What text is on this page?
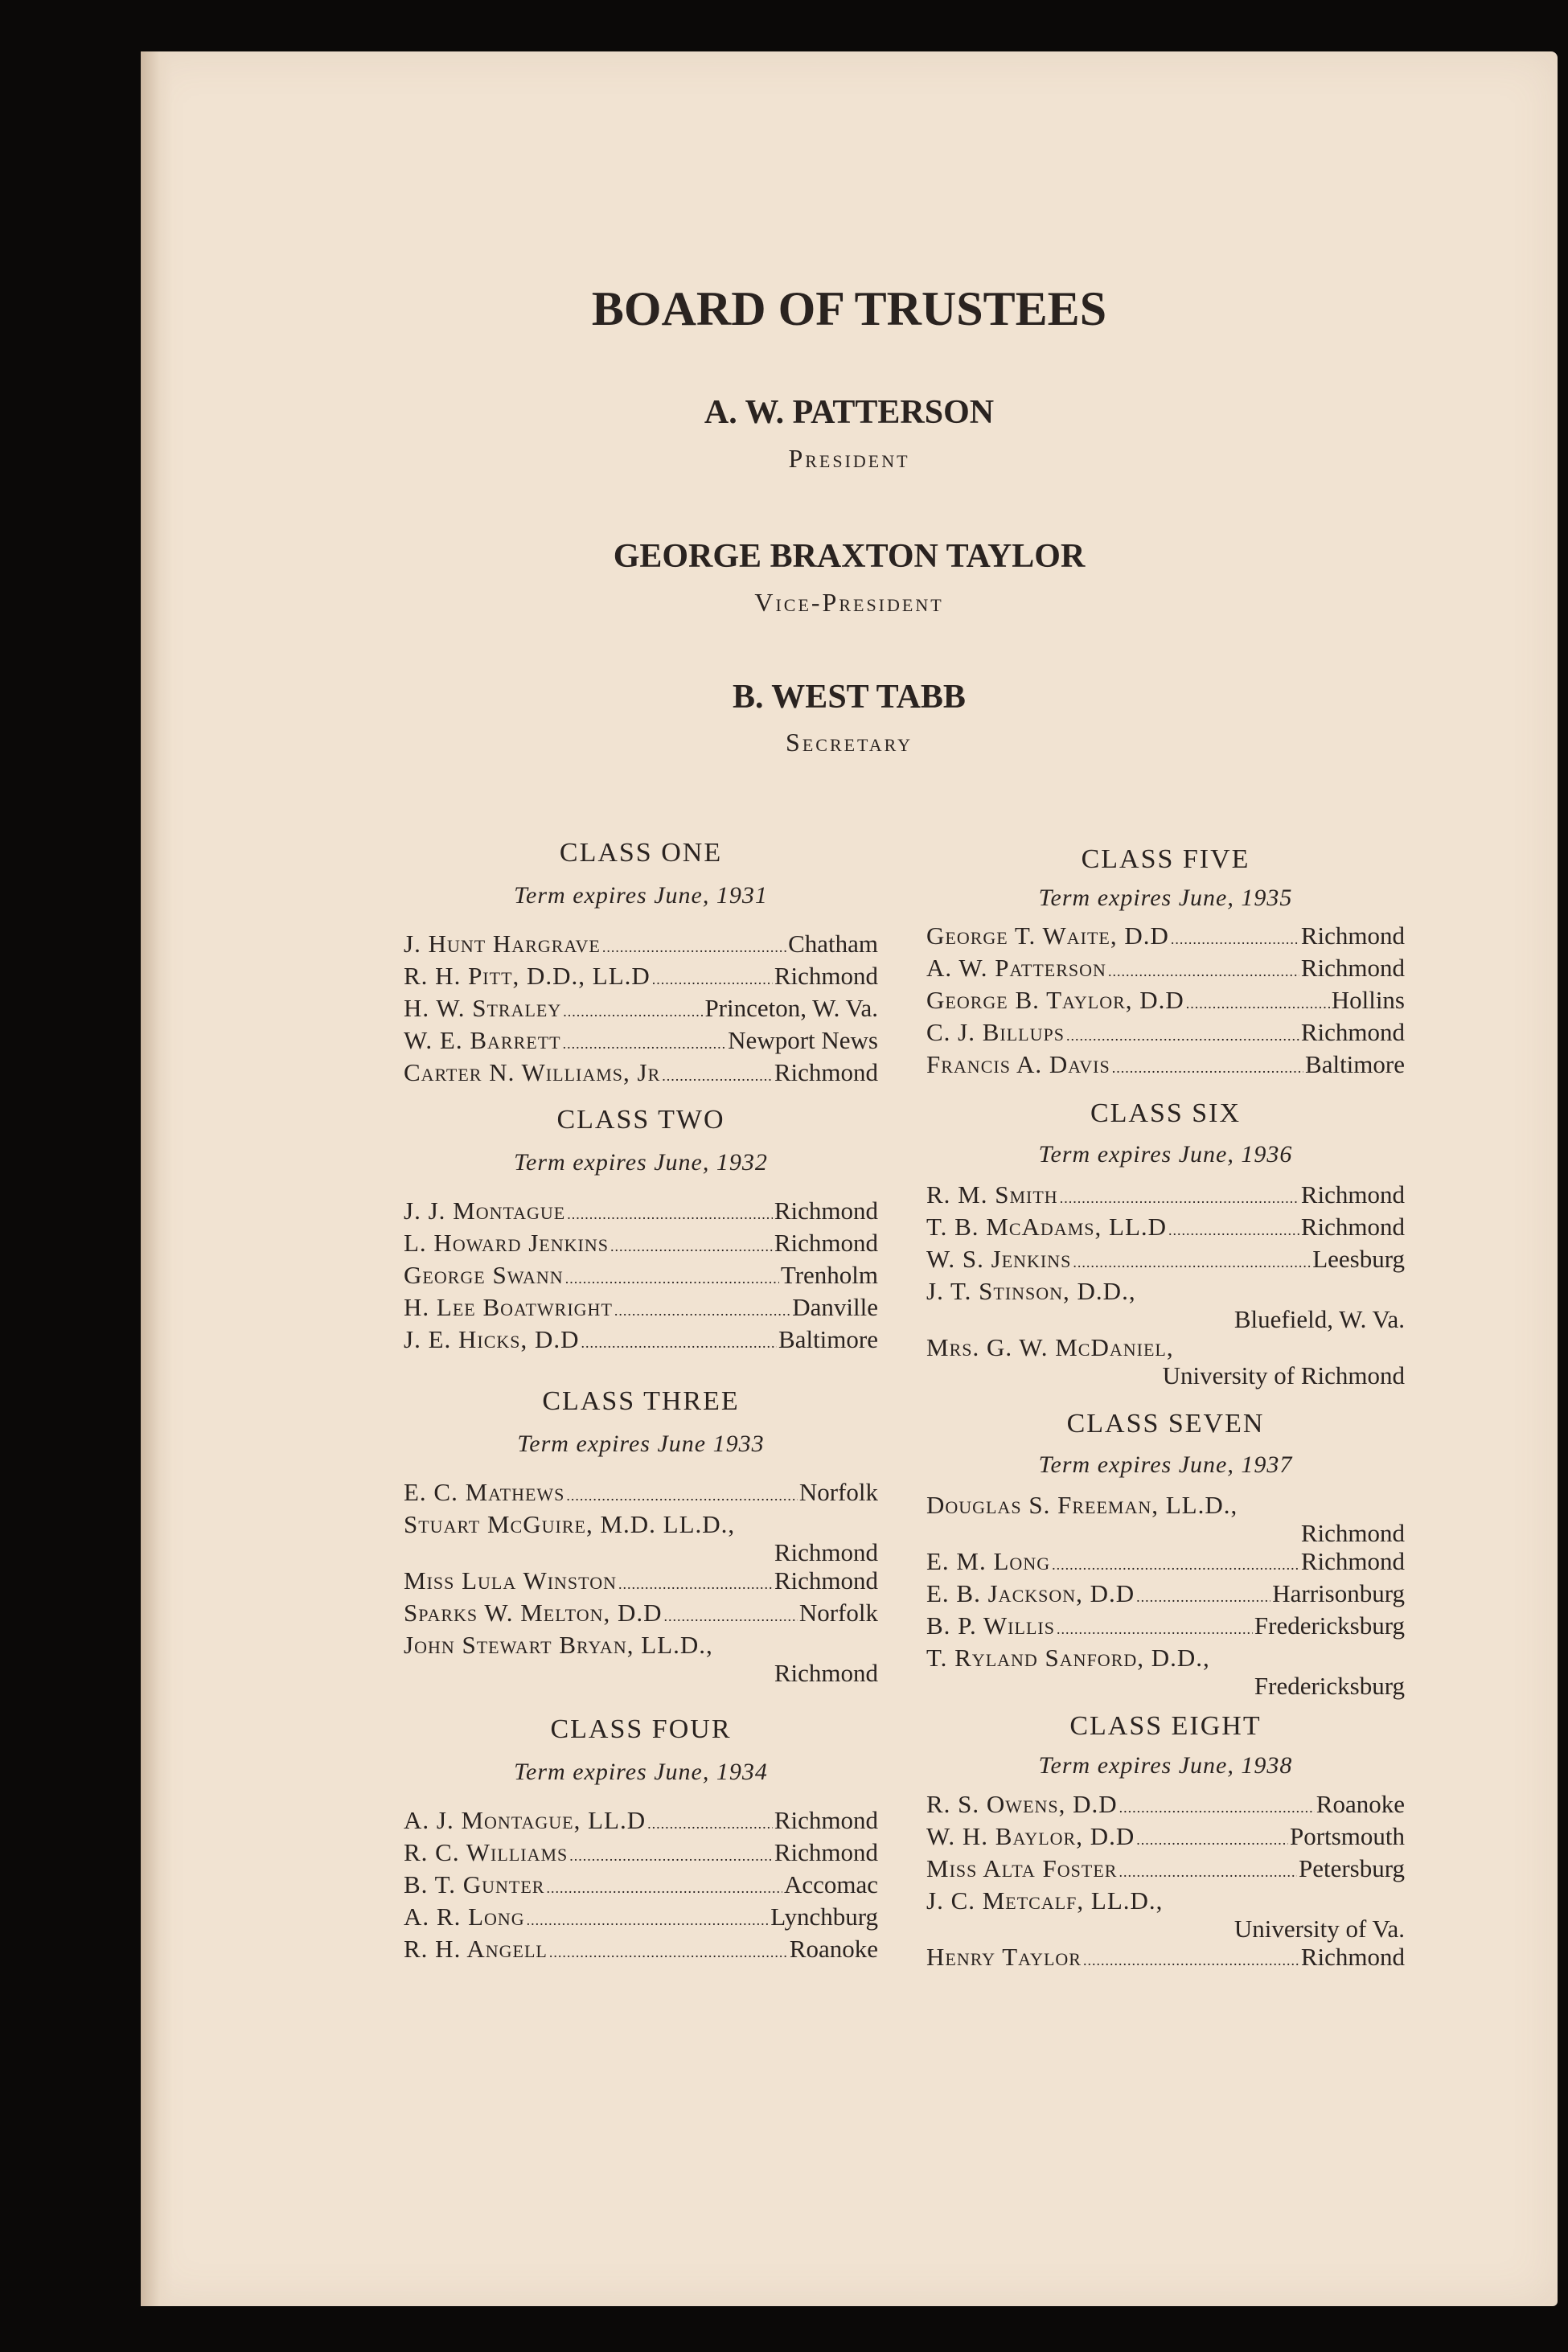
BOARD OF TRUSTEES
A. W. PATTERSON
President
GEORGE BRAXTON TAYLOR
Vice-President
B. WEST TABB
Secretary
CLASS ONE
Term expires June, 1931
J. Hunt Hargrave .....	Chatham
R. H. Pitt, D.D., LL.D .....	Richmond
H. W. Straley .....	Princeton, W. Va.
W. E. Barrett .....	Newport News
Carter N. Williams, Jr .....	Richmond
CLASS TWO
Term expires June, 1932
J. J. Montague .....	Richmond
L. Howard Jenkins .....	Richmond
George Swann .....	Trenholm
H. Lee Boatwright .....	Danville
J. E. Hicks, D.D .....	Baltimore
CLASS THREE
Term expires June 1933
E. C. Mathews .....	Norfolk
Stuart McGuire, M.D. LL.D.,
Richmond
Miss Lula Winston .....	Richmond
Sparks W. Melton, D.D .....	Norfolk
John Stewart Bryan, LL.D.,
Richmond
CLASS FOUR
Term expires June, 1934
A. J. Montague, LL.D .....	Richmond
R. C. Williams .....	Richmond
B. T. Gunter .....	Accomac
A. R. Long .....	Lynchburg
R. H. Angell .....	Roanoke
CLASS FIVE
Term expires June, 1935
George T. Waite, D.D .....	Richmond
A. W. Patterson .....	Richmond
George B. Taylor, D.D .....	Hollins
C. J. Billups .....	Richmond
Francis A. Davis .....	Baltimore
CLASS SIX
Term expires June, 1936
R. M. Smith .....	Richmond
T. B. McAdams, LL.D .....	Richmond
W. S. Jenkins .....	Leesburg
J. T. Stinson, D.D.,
Bluefield, W. Va.
Mrs. G. W. McDaniel,
University of Richmond
CLASS SEVEN
Term expires June, 1937
Douglas S. Freeman, LL.D.,
Richmond
E. M. Long .....	Richmond
E. B. Jackson, D.D .....	Harrisonburg
B. P. Willis .....	Fredericksburg
T. Ryland Sanford, D.D.,
Fredericksburg
CLASS EIGHT
Term expires June, 1938
R. S. Owens, D.D .....	Roanoke
W. H. Baylor, D.D .....	Portsmouth
Miss Alta Foster .....	Petersburg
J. C. Metcalf, LL.D.,
University of Va.
Henry Taylor .....	Richmond
